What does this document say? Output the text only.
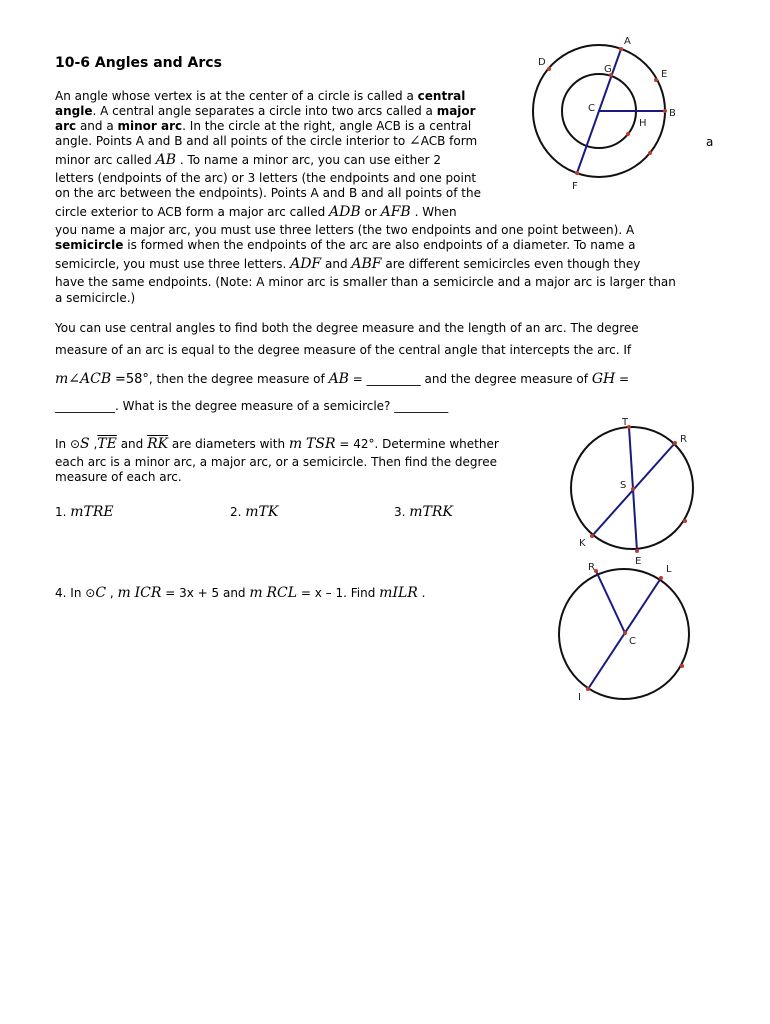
10-6 Angles and Arcs
An angle whose vertex is at the center of a circle is called a central
angle. A central angle separates a circle into two arcs called a major
arc and a minor arc. In the circle at the right, angle ACB is a central
angle. Points A and B and all points of the circle interior to ∠ACB form
minor arc called AB . To name a minor arc, you can use either 2
letters (endpoints of the arc) or 3 letters (the endpoints and one point
on the arc between the endpoints). Points A and B and all points of the
circle exterior to ACB form a major arc called ADB or AFB . When
you name a major arc, you must use three letters (the two endpoints and one point between). A
semicircle is formed when the endpoints of the arc are also endpoints of a diameter. To name a
semicircle, you must use three letters. ADF and ABF are different semicircles even though they
have the same endpoints. (Note: A minor arc is smaller than a semicircle and a major arc is larger than
a semicircle.)
You can use central angles to find both the degree measure and the length of an arc. The degree
measure of an arc is equal to the degree measure of the central angle that intercepts the arc. If
m∠ACB =58°, then the degree measure of AB = _________ and the degree measure of GH =
__________. What is the degree measure of a semicircle? _________
In ⊙S $,\overline{TE}$ and $\overline{RK}$ are diameters with m TSR = 42°. Determine whether
each arc is a minor arc, a major arc, or a semicircle. Then find the degree
measure of each arc.
1. mTRE	2. mTK	3. mTRK
4. In ⊙C , m ICR = 3x + 5 and m RCL = x – 1. Find mILR .
a
A
D
G	E
C	B
H
F
T
R
S
K
E
R	L
C
I
